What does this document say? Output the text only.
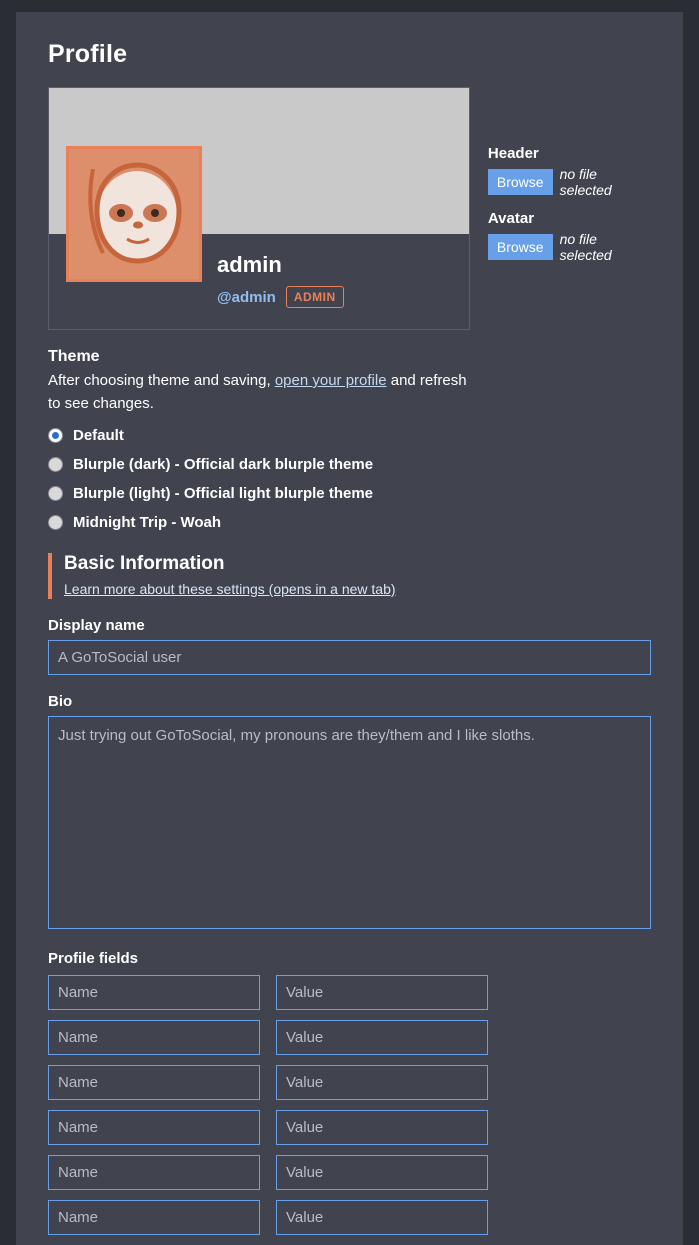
Profile
admin
@admin	ADMIN
Header
Browse	no file selected
Avatar
Browse	no file selected
Theme
After choosing theme and saving, open your profile and refresh to see changes.
Default
Blurple (dark) - Official dark blurple theme
Blurple (light) - Official light blurple theme
Midnight Trip - Woah
Basic Information
Learn more about these settings (opens in a new tab)
Display name
A GoToSocial user
Bio
Just trying out GoToSocial, my pronouns are they/them and I like sloths.
Profile fields
Name
Value
Name
Value
Name
Value
Name
Value
Name
Value
Name
Value
